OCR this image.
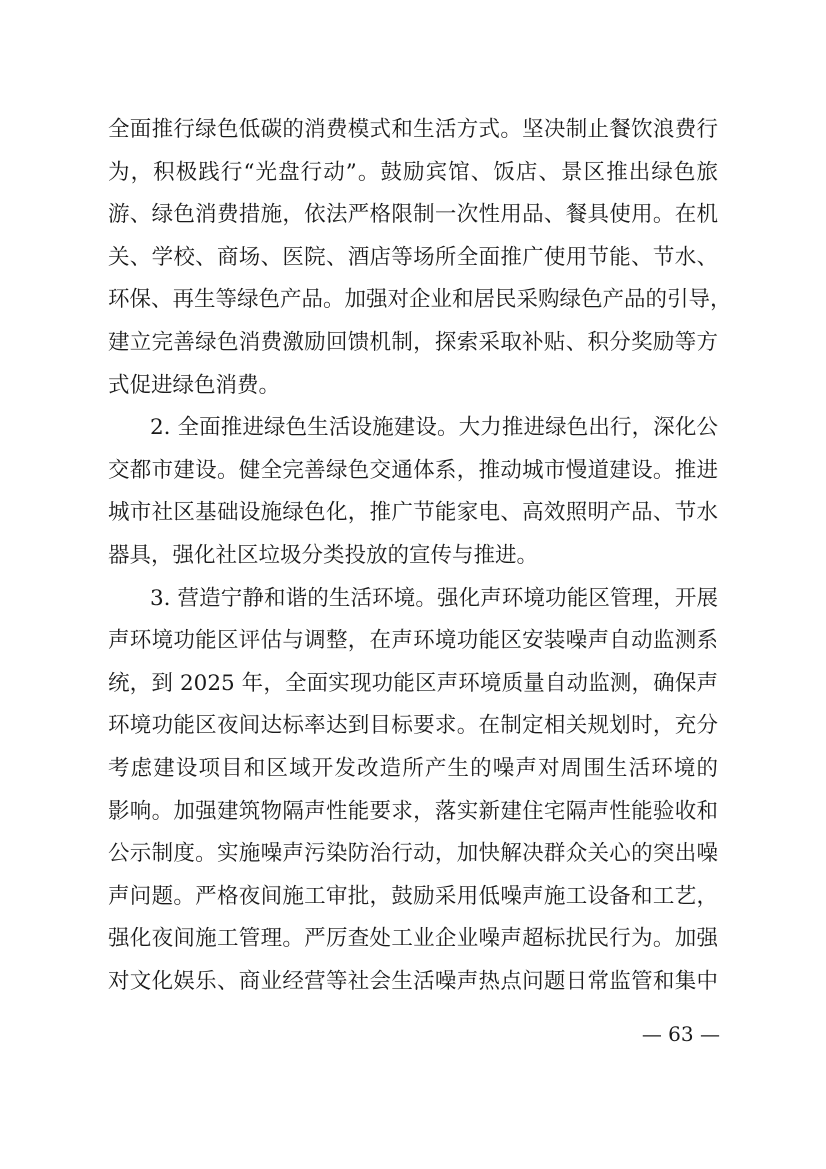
全面推行绿色低碳的消费模式和生活方式。坚决制止餐饮浪费行
为，积极践行“光盘行动”。鼓励宾馆、饭店、景区推出绿色旅
游、绿色消费措施，依法严格限制一次性用品、餐具使用。在机
关、学校、商场、医院、酒店等场所全面推广使用节能、节水、
环保、再生等绿色产品。加强对企业和居民采购绿色产品的引导，
建立完善绿色消费激励回馈机制，探索采取补贴、积分奖励等方
式促进绿色消费。
2. 全面推进绿色生活设施建设。大力推进绿色出行，深化公
交都市建设。健全完善绿色交通体系，推动城市慢道建设。推进
城市社区基础设施绿色化，推广节能家电、高效照明产品、节水
器具，强化社区垃圾分类投放的宣传与推进。
3. 营造宁静和谐的生活环境。强化声环境功能区管理，开展
声环境功能区评估与调整，在声环境功能区安装噪声自动监测系
统，到 2025 年，全面实现功能区声环境质量自动监测，确保声
环境功能区夜间达标率达到目标要求。在制定相关规划时，充分
考虑建设项目和区域开发改造所产生的噪声对周围生活环境的
影响。加强建筑物隔声性能要求，落实新建住宅隔声性能验收和
公示制度。实施噪声污染防治行动，加快解决群众关心的突出噪
声问题。严格夜间施工审批，鼓励采用低噪声施工设备和工艺，
强化夜间施工管理。严厉查处工业企业噪声超标扰民行为。加强
对文化娱乐、商业经营等社会生活噪声热点问题日常监管和集中
— 63 —
